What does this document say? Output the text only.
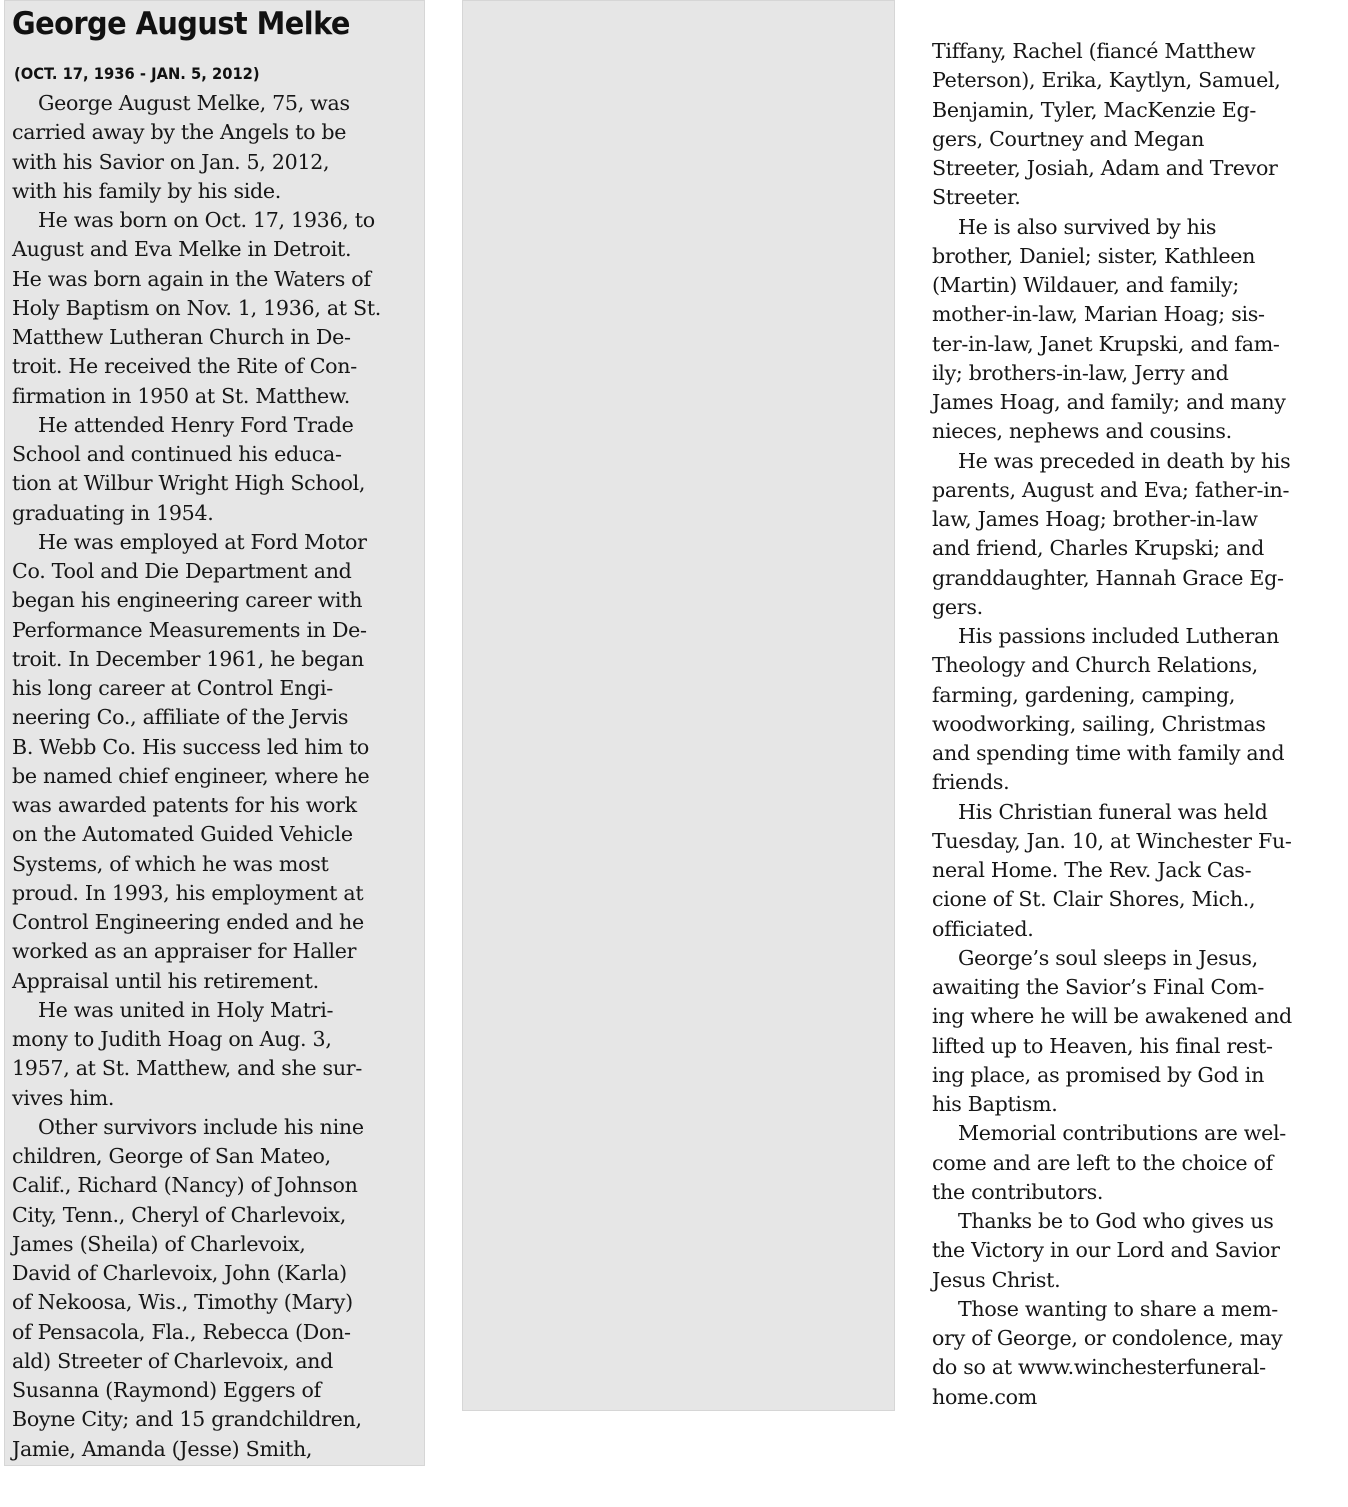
George August Melke
(OCT. 17, 1936 - JAN. 5, 2012)
George August Melke, 75, was
carried away by the Angels to be
with his Savior on Jan. 5, 2012,
with his family by his side.
He was born on Oct. 17, 1936, to
August and Eva Melke in Detroit.
He was born again in the Waters of
Holy Baptism on Nov. 1, 1936, at St.
Matthew Lutheran Church in De-
troit. He received the Rite of Con-
firmation in 1950 at St. Matthew.
He attended Henry Ford Trade
School and continued his educa-
tion at Wilbur Wright High School,
graduating in 1954.
He was employed at Ford Motor
Co. Tool and Die Department and
began his engineering career with
Performance Measurements in De-
troit. In December 1961, he began
his long career at Control Engi-
neering Co., affiliate of the Jervis
B. Webb Co. His success led him to
be named chief engineer, where he
was awarded patents for his work
on the Automated Guided Vehicle
Systems, of which he was most
proud. In 1993, his employment at
Control Engineering ended and he
worked as an appraiser for Haller
Appraisal until his retirement.
He was united in Holy Matri-
mony to Judith Hoag on Aug. 3,
1957, at St. Matthew, and she sur-
vives him.
Other survivors include his nine
children, George of San Mateo,
Calif., Richard (Nancy) of Johnson
City, Tenn., Cheryl of Charlevoix,
James (Sheila) of Charlevoix,
David of Charlevoix, John (Karla)
of Nekoosa, Wis., Timothy (Mary)
of Pensacola, Fla., Rebecca (Don-
ald) Streeter of Charlevoix, and
Susanna (Raymond) Eggers of
Boyne City; and 15 grandchildren,
Jamie, Amanda (Jesse) Smith,
Tiffany, Rachel (fiancé Matthew
Peterson), Erika, Kaytlyn, Samuel,
Benjamin, Tyler, MacKenzie Eg-
gers, Courtney and Megan
Streeter, Josiah, Adam and Trevor
Streeter.
He is also survived by his
brother, Daniel; sister, Kathleen
(Martin) Wildauer, and family;
mother-in-law, Marian Hoag; sis-
ter-in-law, Janet Krupski, and fam-
ily; brothers-in-law, Jerry and
James Hoag, and family; and many
nieces, nephews and cousins.
He was preceded in death by his
parents, August and Eva; father-in-
law, James Hoag; brother-in-law
and friend, Charles Krupski; and
granddaughter, Hannah Grace Eg-
gers.
His passions included Lutheran
Theology and Church Relations,
farming, gardening, camping,
woodworking, sailing, Christmas
and spending time with family and
friends.
His Christian funeral was held
Tuesday, Jan. 10, at Winchester Fu-
neral Home. The Rev. Jack Cas-
cione of St. Clair Shores, Mich.,
officiated.
George’s soul sleeps in Jesus,
awaiting the Savior’s Final Com-
ing where he will be awakened and
lifted up to Heaven, his final rest-
ing place, as promised by God in
his Baptism.
Memorial contributions are wel-
come and are left to the choice of
the contributors.
Thanks be to God who gives us
the Victory in our Lord and Savior
Jesus Christ.
Those wanting to share a mem-
ory of George, or condolence, may
do so at www.winchesterfuneral-
home.com
